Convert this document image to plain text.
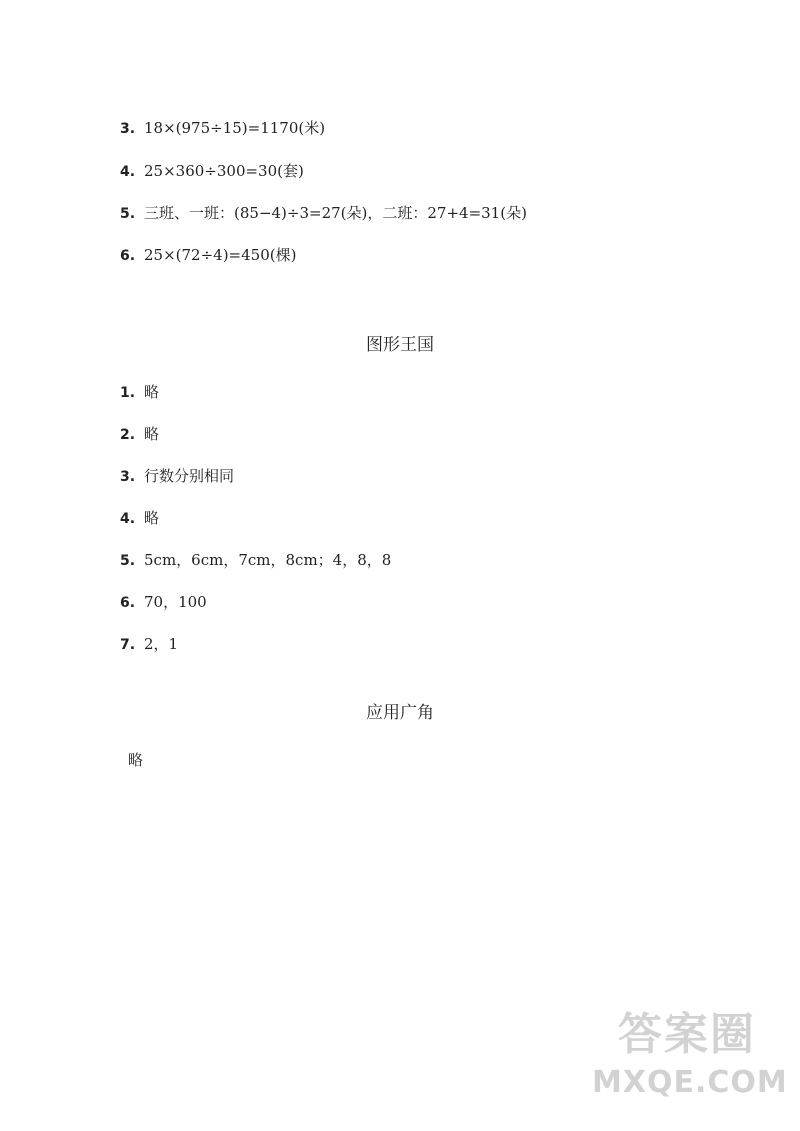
3. 18×(975÷15)=1170(米)
4. 25×360÷300=30(套)
5. 三班、一班：(85−4)÷3=27(朵)，二班：27+4=31(朵)
6. 25×(72÷4)=450(棵)
图形王国
1. 略
2. 略
3. 行数分别相同
4. 略
5. 5cm，6cm，7cm，8cm；4，8，8
6. 70，100
7. 2，1
应用广角
略
答案圈
MXQE.COM
